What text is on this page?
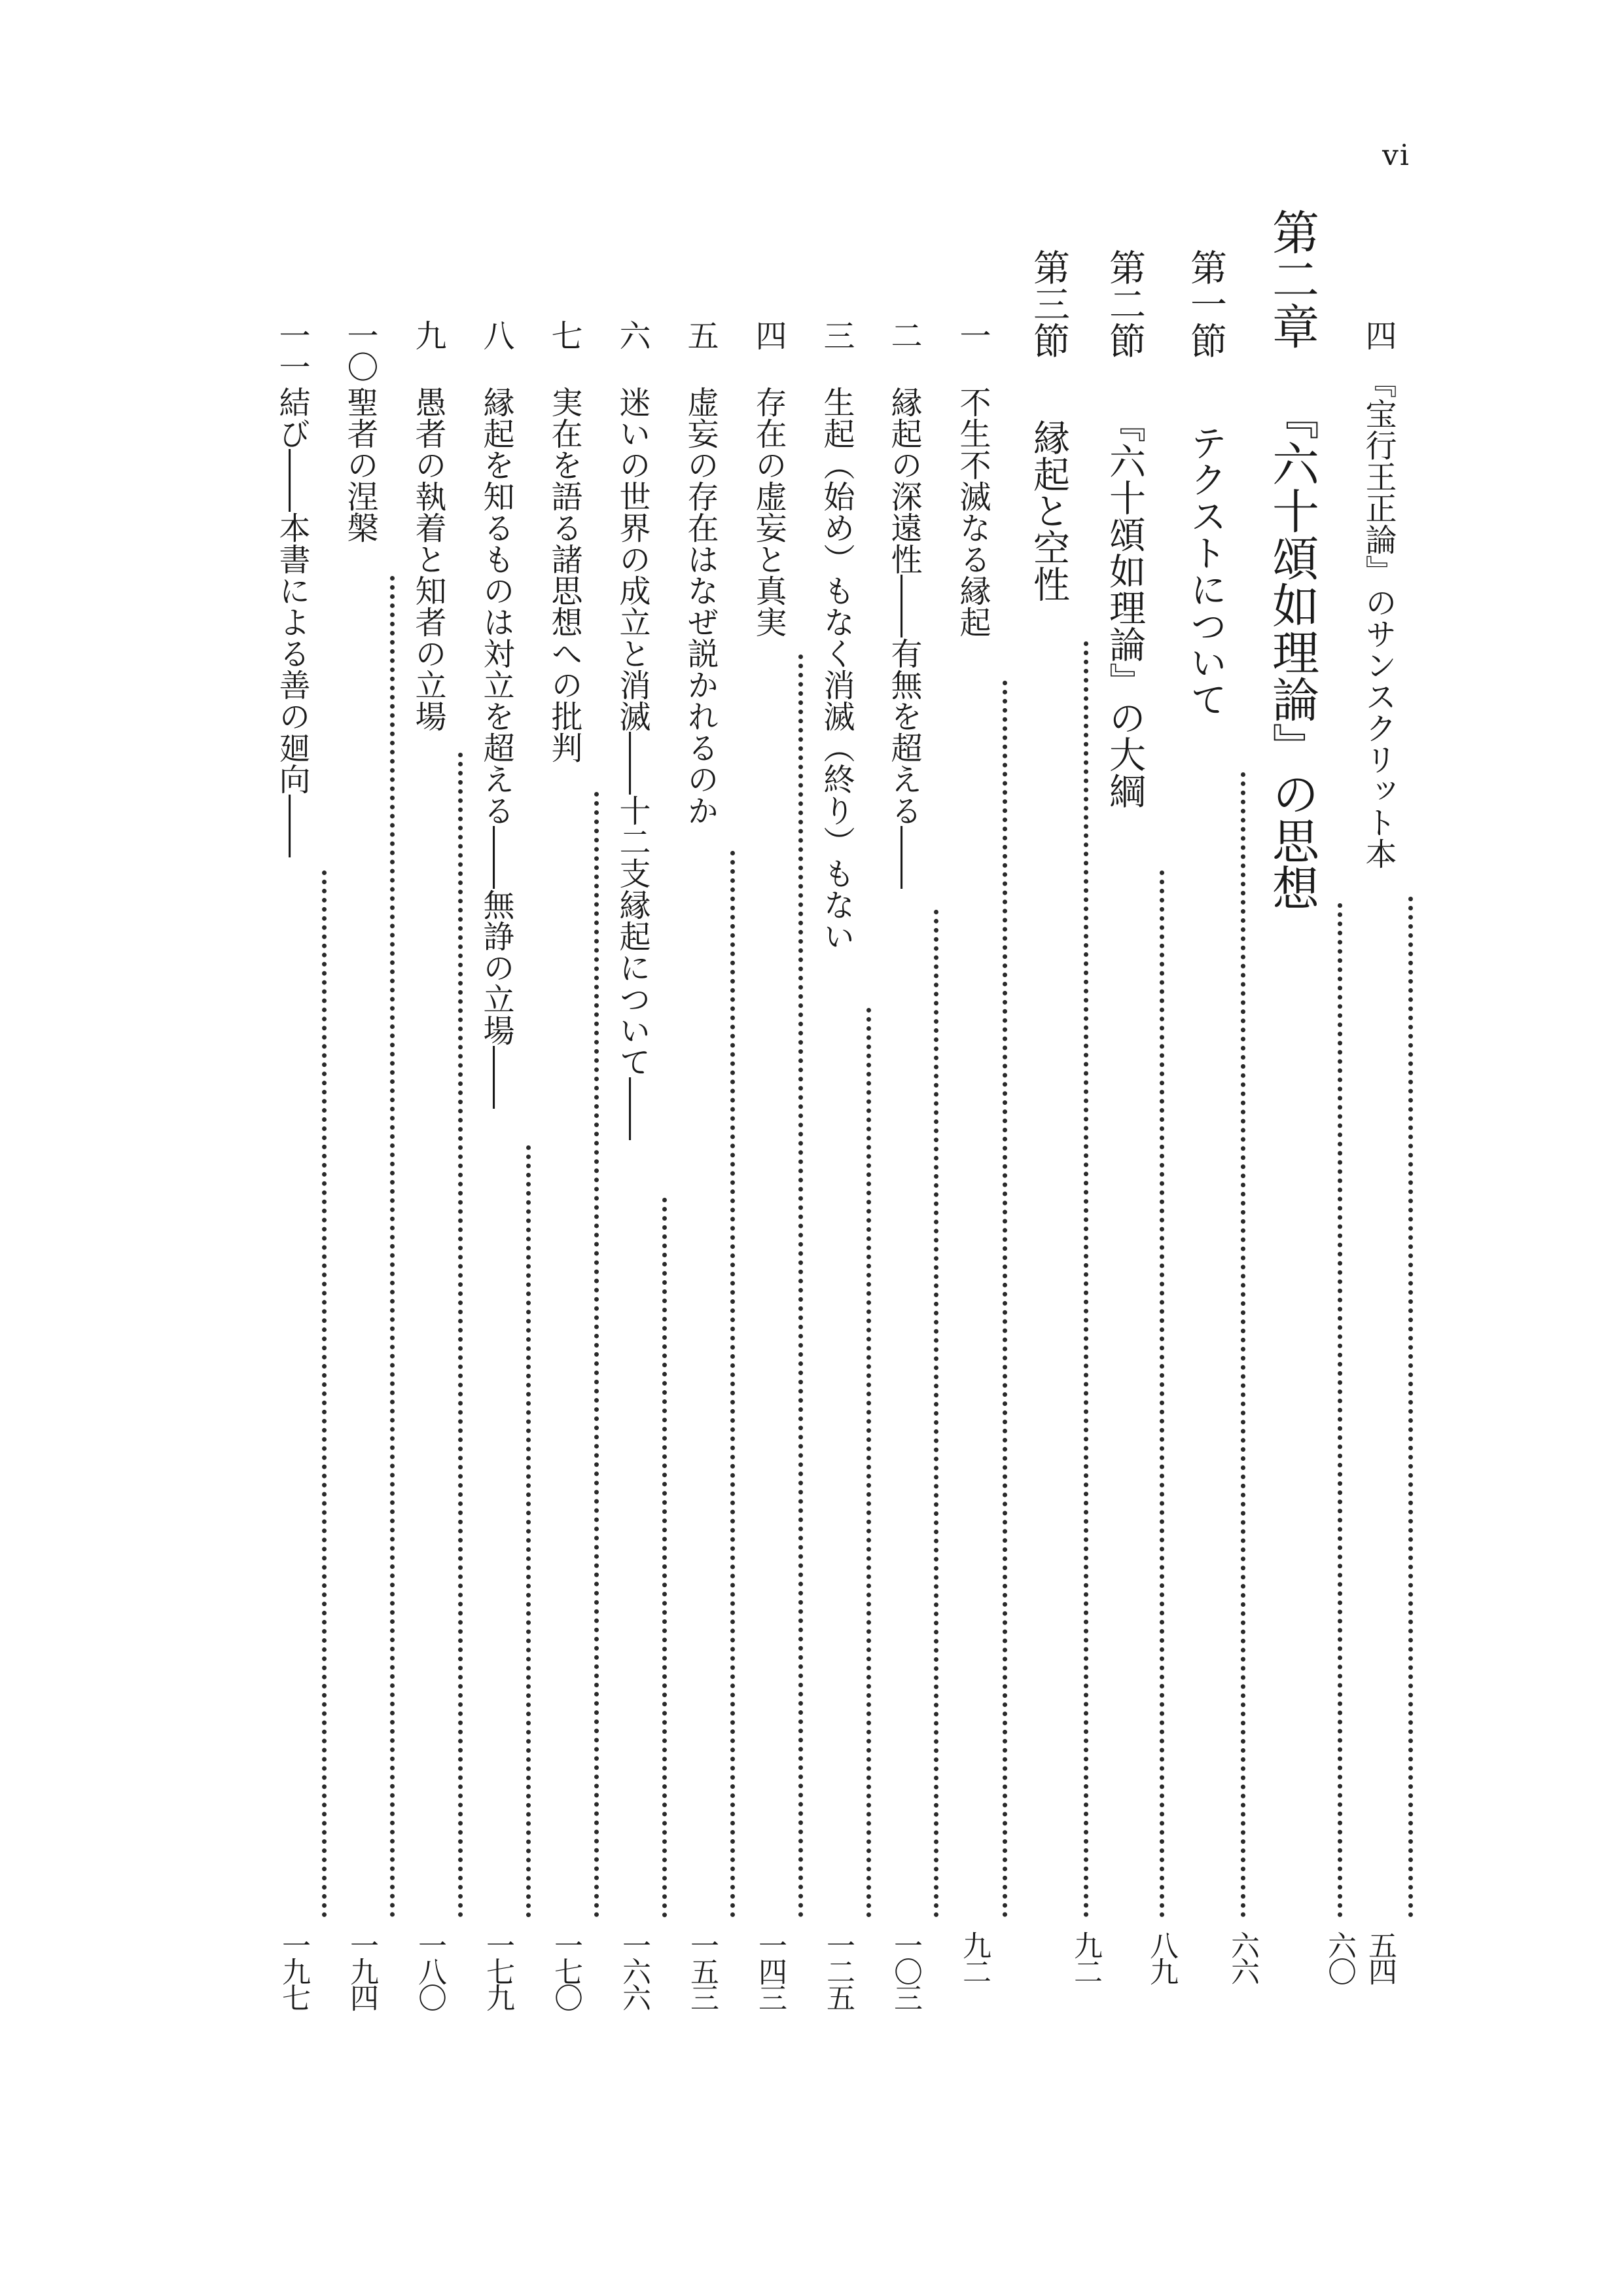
vi
四
『宝行王正論』のサンスクリット本
五四
第二章
『六十頌如理論』の思想
六〇
第一節
テクストについて
六六
第二節
『六十頌如理論』の大綱
八九
第三節
縁起と空性
九二
一
不生不滅なる縁起
九二
二
縁起の深遠性――有無を超える――
一〇三
三
生起（始め）もなく消滅（終り）もない
一二五
四
存在の虚妄と真実
一四三
五
虚妄の存在はなぜ説かれるのか
一五三
六
迷いの世界の成立と消滅――十二支縁起について――
一六六
七
実在を語る諸思想への批判
一七〇
八
縁起を知るものは対立を超える――無諍の立場――
一七九
九
愚者の執着と知者の立場
一八〇
一〇
聖者の涅槃
一九四
一一
結び――本書による善の廻向――
一九七
